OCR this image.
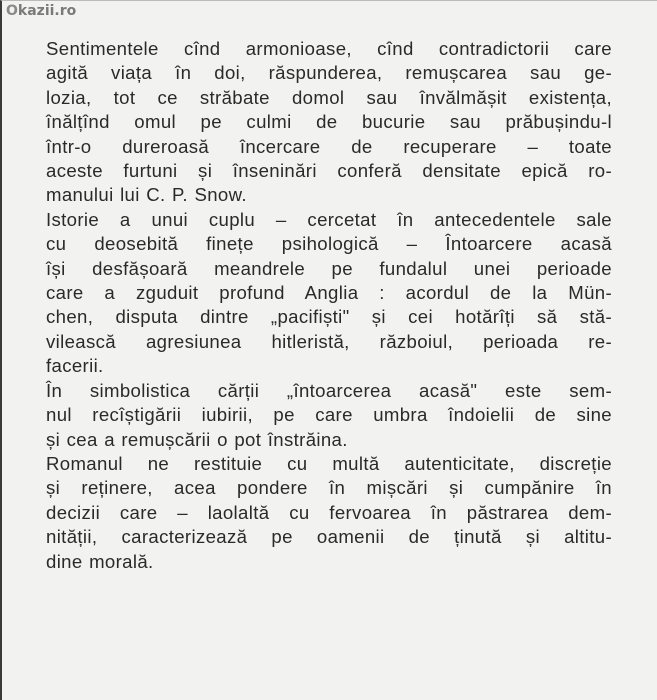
Okazii.ro

Sentimentele cînd armonioase, cînd contradictorii care
agită viața în doi, răspunderea, remușcarea sau ge-
lozia, tot ce străbate domol sau învălmășit existența,
înălțînd omul pe culmi de bucurie sau prăbușindu-l
într-o dureroasă încercare de recuperare – toate
aceste furtuni și înseninări conferă densitate epică ro-
manului lui C. P. Snow.

Istorie a unui cuplu – cercetat în antecedentele sale
cu deosebită finețe psihologică – Întoarcere acasă
își desfășoară meandrele pe fundalul unei perioade
care a zguduit profund Anglia : acordul de la Mün-
chen, disputa dintre „pacifiști" și cei hotărîți să stă-
vilească agresiunea hitleristă, războiul, perioada re-
facerii.

În simbolistica cărții „întoarcerea acasă" este sem-
nul recîștigării iubirii, pe care umbra îndoielii de sine
și cea a remușcării o pot înstrăina.

Romanul ne restituie cu multă autenticitate, discreție
și reținere, acea pondere în mișcări și cumpănire în
decizii care – laolaltă cu fervoarea în păstrarea dem-
nității, caracterizează pe oamenii de ținută și altitu-
dine morală.
